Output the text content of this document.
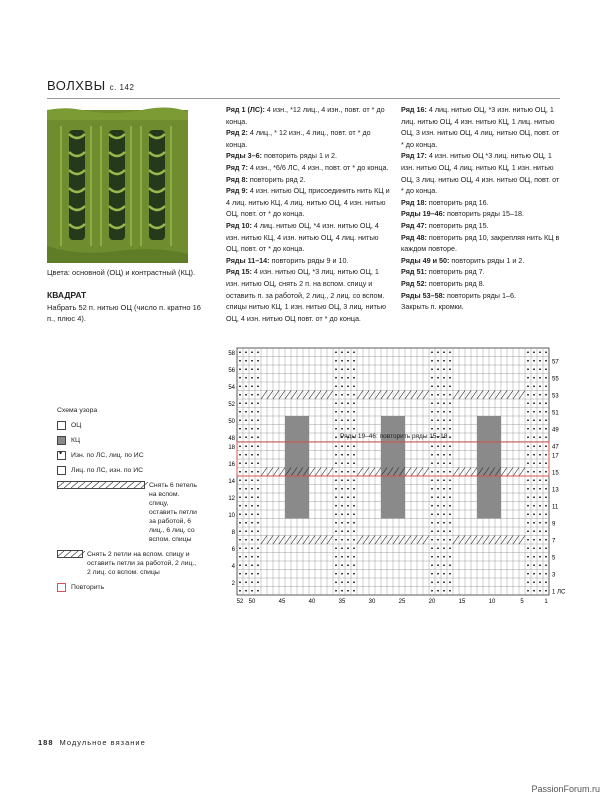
ВОЛХВЫ с. 142
Цвета: основной (ОЦ) и контрастный (КЦ).
КВАДРАТ
Набрать 52 п. нитью ОЦ (число п. кратно 16 п., плюс 4).

Ряд 1 (ЛС): 4 изн., *12 лиц., 4 изн., повт. от * до конца.

Ряд 2: 4 лиц., * 12 изн., 4 лиц., повт. от * до конца.

Ряды 3–6: повторить ряды 1 и 2.

Ряд 7: 4 изн., *6/6 ЛС, 4 изн., повт. от * до конца.

Ряд 8: повторить ряд 2.

Ряд 9: 4 изн. нитью ОЦ, присоединить нить КЦ и 4 лиц. нитью КЦ, 4 лиц. нитью ОЦ, 4 изн. нитью ОЦ, повт. от * до конца.

Ряд 10: 4 лиц. нитью ОЦ, *4 изн. нитью ОЦ, 4 изн. нитью КЦ, 4 изн. нитью ОЦ, 4 лиц. нитью ОЦ, повт. от * до конца.

Ряды 11–14: повторить ряды 9 и 10.

Ряд 15: 4 изн. нитью ОЦ, *3 лиц. нитью ОЦ, 1 изн. нитью ОЦ, снять 2 п. на вспом. спицу и оставить п. за работой, 2 лиц., 2 лиц. со вспом. спицы нитью КЦ, 1 изн. нитью ОЦ, 3 лиц. нитью ОЦ, 4 изн. нитью ОЦ повт. от * до конца.

Ряд 16: 4 лиц. нитью ОЦ, *3 изн. нитью ОЦ, 1 лиц. нитью ОЦ, 4 изн. нитью КЦ, 1 лиц. нитью ОЦ, 3 изн. нитью ОЦ, 4 лиц. нитью ОЦ, повт. от * до конца.

Ряд 17: 4 изн. нитью ОЦ *3 лиц. нитью ОЦ, 1 изн. нитью ОЦ, 4 лиц. нитью КЦ, 1 изн. нитью ОЦ, 3 лиц. нитью ОЦ, 4 изн. нитью ОЦ, повт. от * до конца.

Ряд 18: повторить ряд 16.

Ряды 19–46: повторить ряды 15–18.

Ряд 47: повторить ряд 15.

Ряд 48: повторить ряд 10, закрепляя нить КЦ в каждом повторе.

Ряды 49 и 50: повторить ряды 1 и 2.

Ряд 51: повторить ряд 7.

Ряд 52: повторить ряд 8.

Ряды 53–58: повторить ряды 1–6.

Закрыть п. кромки.

Схема узора
ОЦ
КЦ
•
Изн. по ЛС, лиц. по ИС
Лиц. по ЛС, изн. по ИС
Снять 6 петель на вспом. спицу, оставить петли за работой, 6 лиц., 6 лиц. со вспом. спицы
Снять 2 петли на вспом. спицу и оставить петли за работой, 2 лиц., 2 лиц. со вспом. спицы
Повторить
58
56
54
52
50
48
57
55
53
51
49
47
Ряды 19–46: повторить ряды 15–18
18
16
14
12
10
8
6
4
2
17
15
13
11
9
7
5
3
1 ЛС
52 50	45	40	35	30	25	20	15	10	5	1
188 Модульное вязание
PassionForum.ru
